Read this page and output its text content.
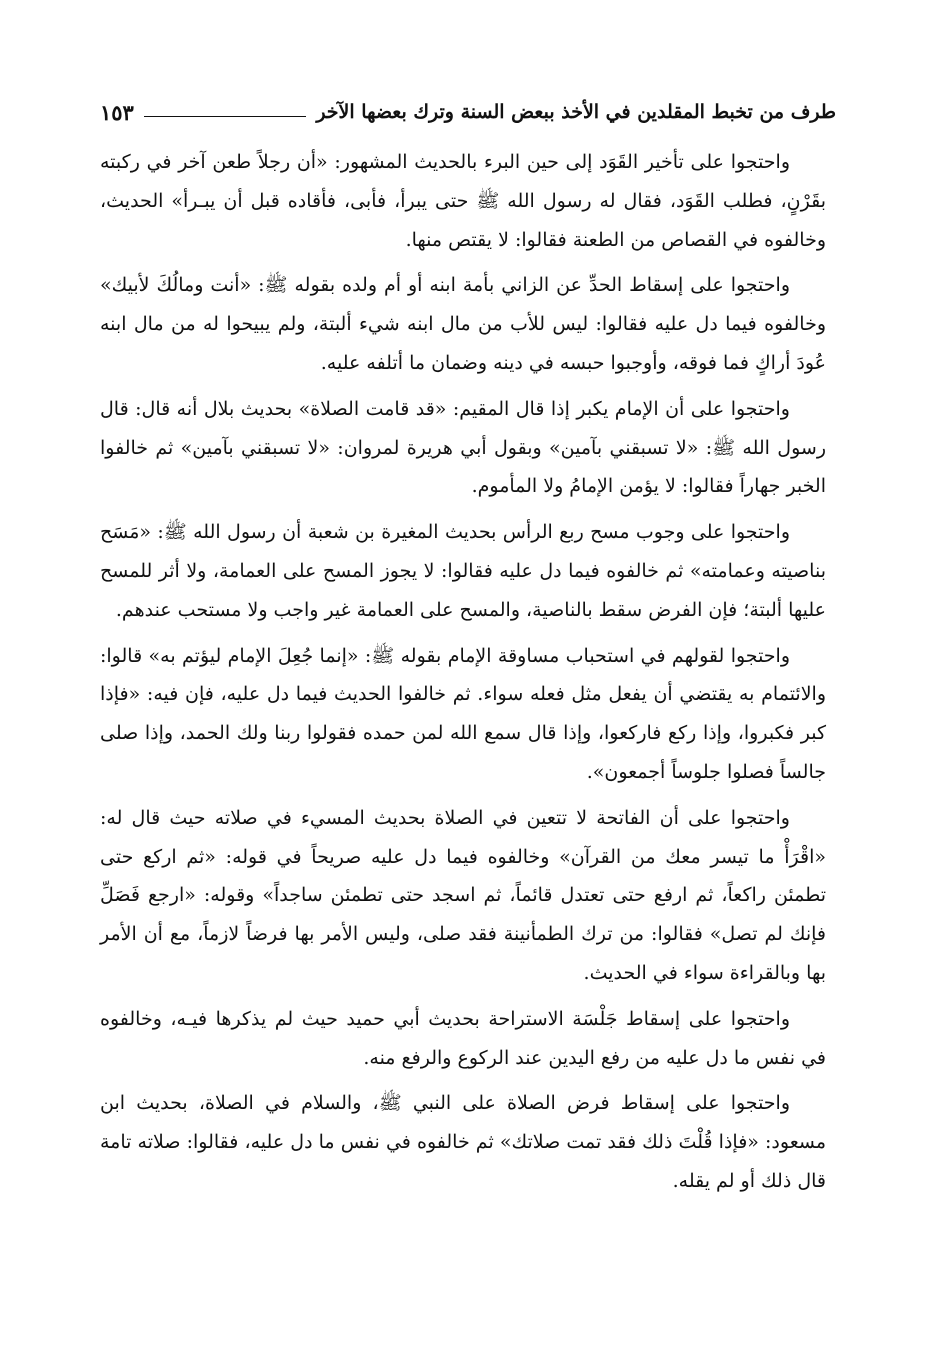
طرف من تخبط المقلدين في الأخذ ببعض السنة وترك بعضها الآخر
١٥٣

واحتجوا على تأخير القَوَد إلى حين البرء بالحديث المشهور: «أن رجلاً طعن آخر في ركبته بقَرْنٍ، فطلب القَوَد، فقال له رسول الله ﷺ حتى يبرأ، فأبى، فأقاده قبل أن يبـرأ» الحديث، وخالفوه في القصاص من الطعنة فقالوا: لا يقتص منها.

واحتجوا على إسقاط الحدِّ عن الزاني بأمة ابنه أو أم ولده بقوله ﷺ: «أنت ومالُكَ لأبيك» وخالفوه فيما دل عليه فقالوا: ليس للأب من مال ابنه شيء ألبتة، ولم يبيحوا له من مال ابنه عُودَ أراكٍ فما فوقه، وأوجبوا حبسه في دينه وضمان ما أتلفه عليه.

واحتجوا على أن الإمام يكبر إذا قال المقيم: «قد قامت الصلاة» بحديث بلال أنه قال: قال رسول الله ﷺ: «لا تسبقني بآمين» وبقول أبي هريرة لمروان: «لا تسبقني بآمين» ثم خالفوا الخبر جهاراً فقالوا: لا يؤمن الإمامُ ولا المأموم.

واحتجوا على وجوب مسح ربع الرأس بحديث المغيرة بن شعبة أن رسول الله ﷺ: «مَسَح بناصيته وعمامته» ثم خالفوه فيما دل عليه فقالوا: لا يجوز المسح على العمامة، ولا أثر للمسح عليها ألبتة؛ فإن الفرض سقط بالناصية، والمسح على العمامة غير واجب ولا مستحب عندهم.

واحتجوا لقولهم في استحباب مساوقة الإمام بقوله ﷺ: «إنما جُعِلَ الإمام ليؤتم به» قالوا: والائتمام به يقتضي أن يفعل مثل فعله سواء. ثم خالفوا الحديث فيما دل عليه، فإن فيه: «فإذا كبر فكبروا، وإذا ركع فاركعوا، وإذا قال سمع الله لمن حمده فقولوا ربنا ولك الحمد، وإذا صلى جالساً فصلوا جلوساً أجمعون».

واحتجوا على أن الفاتحة لا تتعين في الصلاة بحديث المسيء في صلاته حيث قال له: «اقْرَأْ ما تيسر معك من القرآن» وخالفوه فيما دل عليه صريحاً في قوله: «ثم اركع حتى تطمئن راكعاً، ثم ارفع حتى تعتدل قائماً، ثم اسجد حتى تطمئن ساجداً» وقوله: «ارجع فَصَلِّ فإنك لم تصل» فقالوا: من ترك الطمأنينة فقد صلى، وليس الأمر بها فرضاً لازماً، مع أن الأمر بها وبالقراءة سواء في الحديث.

واحتجوا على إسقاط جَلْسَة الاستراحة بحديث أبي حميد حيث لم يذكرها فيـه، وخالفوه في نفس ما دل عليه من رفع اليدين عند الركوع والرفع منه.

واحتجوا على إسقاط فرض الصلاة على النبي ﷺ، والسلام في الصلاة، بحديث ابن مسعود: «فإذا قُلْتَ ذلك فقد تمت صلاتك» ثم خالفوه في نفس ما دل عليه، فقالوا: صلاته تامة قال ذلك أو لم يقله.
